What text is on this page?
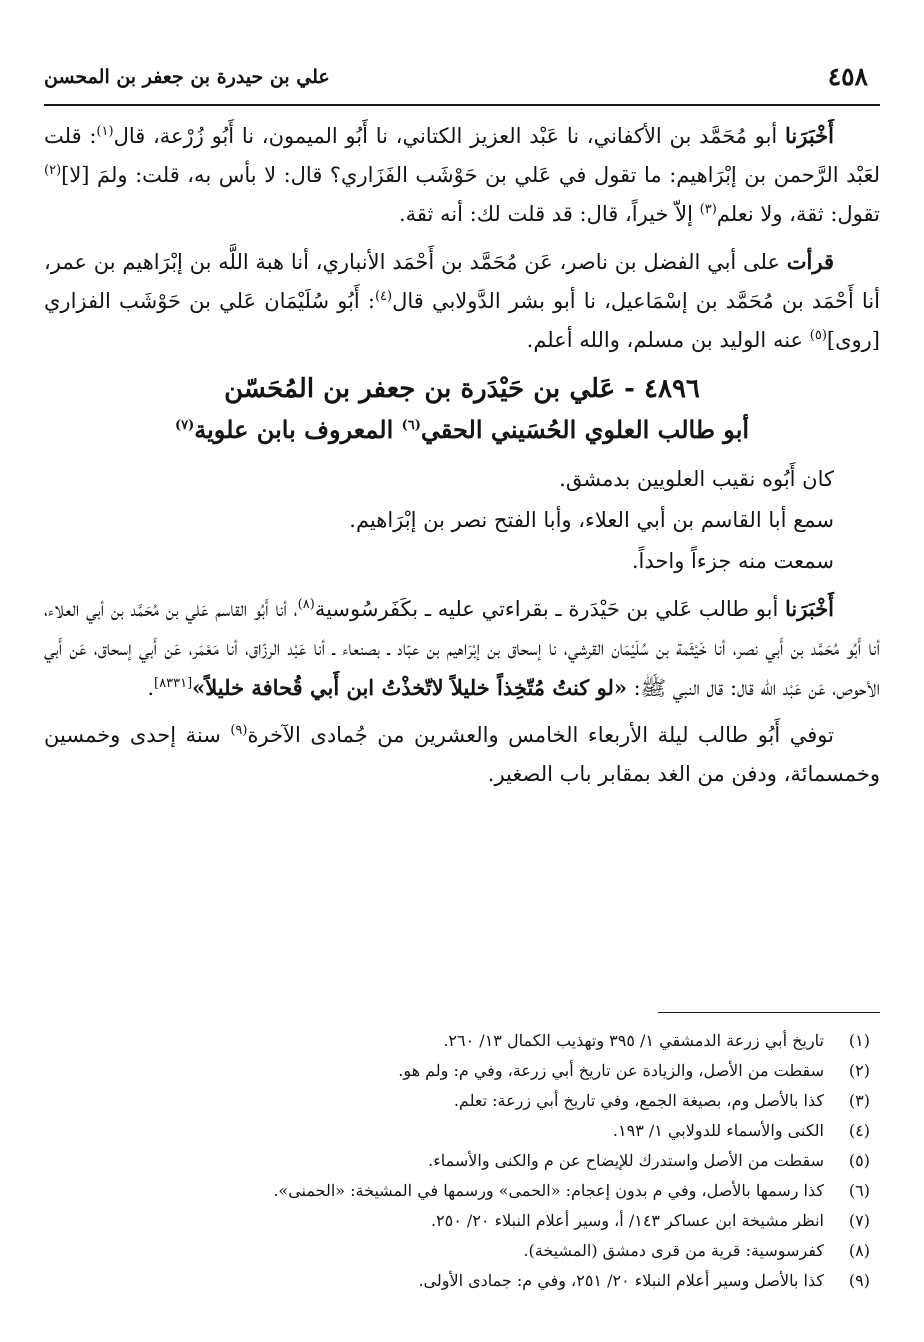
٤٥٨
علي بن حيدرة بن جعفر بن المحسن

أَخْبَرَنا أبو مُحَمَّد بن الأكفاني، نا عَبْد العزيز الكتاني، نا أَبُو الميمون، نا أَبُو زُرْعة، قال$^{(١)}$: قلت لعَبْد الرَّحمن بن إبْرَاهيم: ما تقول في عَلي بن حَوْشَب الفَزَاري؟ قال: لا بأس به، قلت: ولمَ [لا]$^{(٢)}$ تقول: ثقة، ولا نعلم$^{(٣)}$ إلاّ خيراً، قال: قد قلت لك: أنه ثقة.

قرأت على أبي الفضل بن ناصر، عَن مُحَمَّد بن أَحْمَد الأنباري، أنا هبة اللَّه بن إبْرَاهيم بن عمر، أنا أَحْمَد بن مُحَمَّد بن إسْمَاعيل، نا أبو بشر الدَّولابي قال$^{(٤)}$: أَبُو سُلَيْمَان عَلي بن حَوْشَب الفزاري [روى]$^{(٥)}$ عنه الوليد بن مسلم، والله أعلم.

٤٨٩٦ - عَلي بن حَيْدَرة بن جعفر بن المُحَسّن
أبو طالب العلوي الحُسَيني الحقي$^{(٦)}$ المعروف بابن علوية$^{(٧)}$

كان أَبُوه نقيب العلويين بدمشق.

سمع أبا القاسم بن أبي العلاء، وأبا الفتح نصر بن إبْرَاهيم.

سمعت منه جزءاً واحداً.

أَخْبَرَنا أبو طالب عَلي بن حَيْدَرة ـ بقراءتي عليه ـ بكَفَرسُوسية$^{(٨)}$، أنا أَبُو القاسم عَلي بن مُحَمَّد بن أبي العلاء، أنا أَبُو مُحَمَّد بن أَبي نصر، أنا خَيْثَمة بن سُلَيْمَان القرشي، نا إسحاق بن إبْرَاهيم بن عبّاد ـ بصنعاء ـ أنا عَبْد الرزّاق، أنا مَعْمَر، عَن أَبي إسحاق، عَن أَبي الأحوص، عَن عَبْد اللّه قال: قال النبي ﷺ: «لو كنتُ مُتّخِذاً خليلاً لاتّخذْتُ ابن أَبي قُحافة خليلاً»[٨٣٣١].

توفي أَبُو طالب ليلة الأربعاء الخامس والعشرين من جُمادى الآخرة$^{(٩)}$ سنة إحدى وخمسين وخمسمائة، ودفن من الغد بمقابر باب الصغير.

(١)تاريخ أبي زرعة الدمشقي ١/ ٣٩٥ وتهذيب الكمال ١٣/ ٢٦٠.
(٢)سقطت من الأصل، والزيادة عن تاريخ أبي زرعة، وفي م: ولم هو.
(٣)كذا بالأصل وم، بصيغة الجمع، وفي تاريخ أبي زرعة: تعلم.
(٤)الكنى والأسماء للدولابي ١/ ١٩٣.
(٥)سقطت من الأصل واستدرك للإيضاح عن م والكنى والأسماء.
(٦)كذا رسمها بالأصل، وفي م بدون إعجام: «الحمى» ورسمها في المشيخة: «الحمنى».
(٧)انظر مشيخة ابن عساكر ١٤٣/ أ، وسير أعلام النبلاء ٢٠/ ٢٥٠.
(٨)كفرسوسية: قرية من قرى دمشق (المشيخة).
(٩)كذا بالأصل وسير أعلام النبلاء ٢٠/ ٢٥١، وفي م: جمادى الأولى.
